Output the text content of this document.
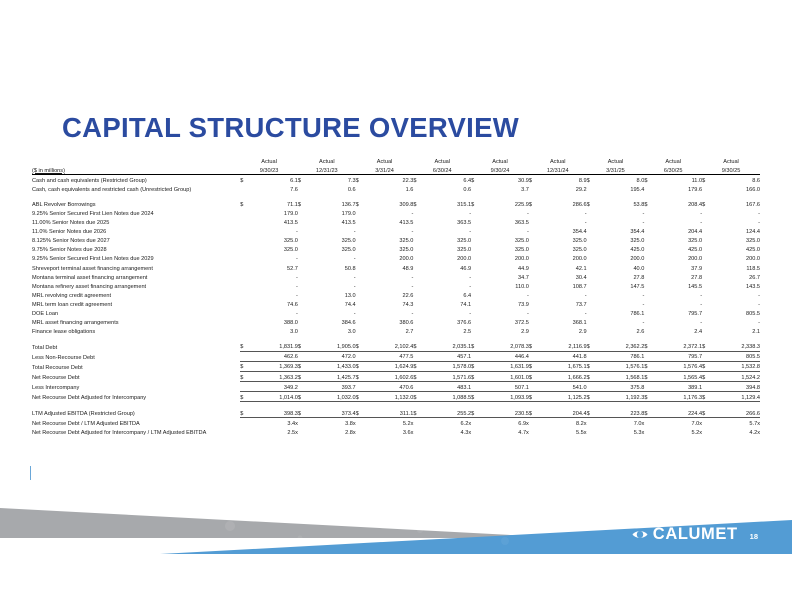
CAPITAL STRUCTURE OVERVIEW
	Actual		Actual		Actual		Actual		Actual		Actual		Actual		Actual		Actual	
($ in millions)	9/30/23		12/31/23		3/31/24		6/30/24		9/30/24		12/31/24		3/31/25		6/30/25		9/30/25	
Cash and cash equivalents (Restricted Group)	$	6.1	$	7.3	$	22.3	$	6.4	$	30.9	$	8.9	$	8.0	$	11.0	$	8.6
Cash, cash equivalents and restricted cash (Unrestricted Group)		7.6		0.6		1.6		0.6		3.7		29.2		195.4		179.6		166.0

ABL Revolver Borrowings	$	71.1	$	136.7	$	309.8	$	315.1	$	225.9	$	286.6	$	53.8	$	208.4	$	167.6
9.25% Senior Secured First Lien Notes due 2024		179.0		179.0		-		-		-		-		-		-		-
11.00% Senior Notes due 2025		413.5		413.5		413.5		363.5		363.5		-		-		-		-
11.0% Senior Notes due 2026		-		-		-		-		-		354.4		354.4		204.4		124.4
8.125% Senior Notes due 2027		325.0		325.0		325.0		325.0		325.0		325.0		325.0		325.0		325.0
9.75% Senior Notes due 2028		325.0		325.0		325.0		325.0		325.0		325.0		425.0		425.0		425.0
9.25% Senior Secured First Lien Notes due 2029		-		-		200.0		200.0		200.0		200.0		200.0		200.0		200.0
Shreveport terminal asset financing arrangement		52.7		50.8		48.9		46.9		44.9		42.1		40.0		37.9		118.5
Montana terminal asset financing arrangement		-		-		-		-		34.7		30.4		27.8		27.8		26.7
Montana refinery asset financing arrangement		-		-		-		-		110.0		108.7		147.5		145.5		143.5
MRL revolving credit agreement		-		13.0		22.6		6.4		-		-		-		-		-
MRL term loan credit agreement		74.6		74.4		74.3		74.1		73.9		73.7		-		-		-
DOE Loan		-		-		-		-		-		-		786.1		795.7		805.5
MRL asset financing arrangements		388.0		384.6		380.6		376.6		372.5		368.1		-		-		-
Finance lease obligations		3.0		3.0		2.7		2.5		2.9		2.9		2.6		2.4		2.1

Total Debt	$	1,831.9	$	1,905.0	$	2,102.4	$	2,035.1	$	2,078.3	$	2,116.9	$	2,362.2	$	2,372.1	$	2,338.3
Less Non-Recourse Debt		462.6		472.0		477.5		457.1		446.4		441.8		786.1		795.7		805.5
Total Recourse Debt	$	1,369.3	$	1,433.0	$	1,624.9	$	1,578.0	$	1,631.9	$	1,675.1	$	1,576.1	$	1,576.4	$	1,532.8
Net Recourse Debt	$	1,363.2	$	1,425.7	$	1,602.6	$	1,571.6	$	1,601.0	$	1,666.2	$	1,568.1	$	1,565.4	$	1,524.2
Less Intercompany		349.2		393.7		470.6		483.1		507.1		541.0		375.8		389.1		394.8
Net Recourse Debt Adjusted for Intercompany	$	1,014.0	$	1,032.0	$	1,132.0	$	1,088.5	$	1,093.9	$	1,125.2	$	1,192.3	$	1,176.3	$	1,129.4

LTM Adjusted EBITDA (Restricted Group)	$	398.3	$	373.4	$	311.1	$	255.2	$	230.5	$	204.4	$	223.8	$	224.4	$	266.6
Net Recourse Debt / LTM Adjusted EBITDA		3.4x		3.8x		5.2x		6.2x		6.9x		8.2x		7.0x		7.0x		5.7x
Net Recourse Debt Adjusted for Intercompany / LTM Adjusted EBITDA		2.5x		2.8x		3.6x		4.3x		4.7x		5.5x		5.3x		5.2x		4.2x
CALUMET 18
